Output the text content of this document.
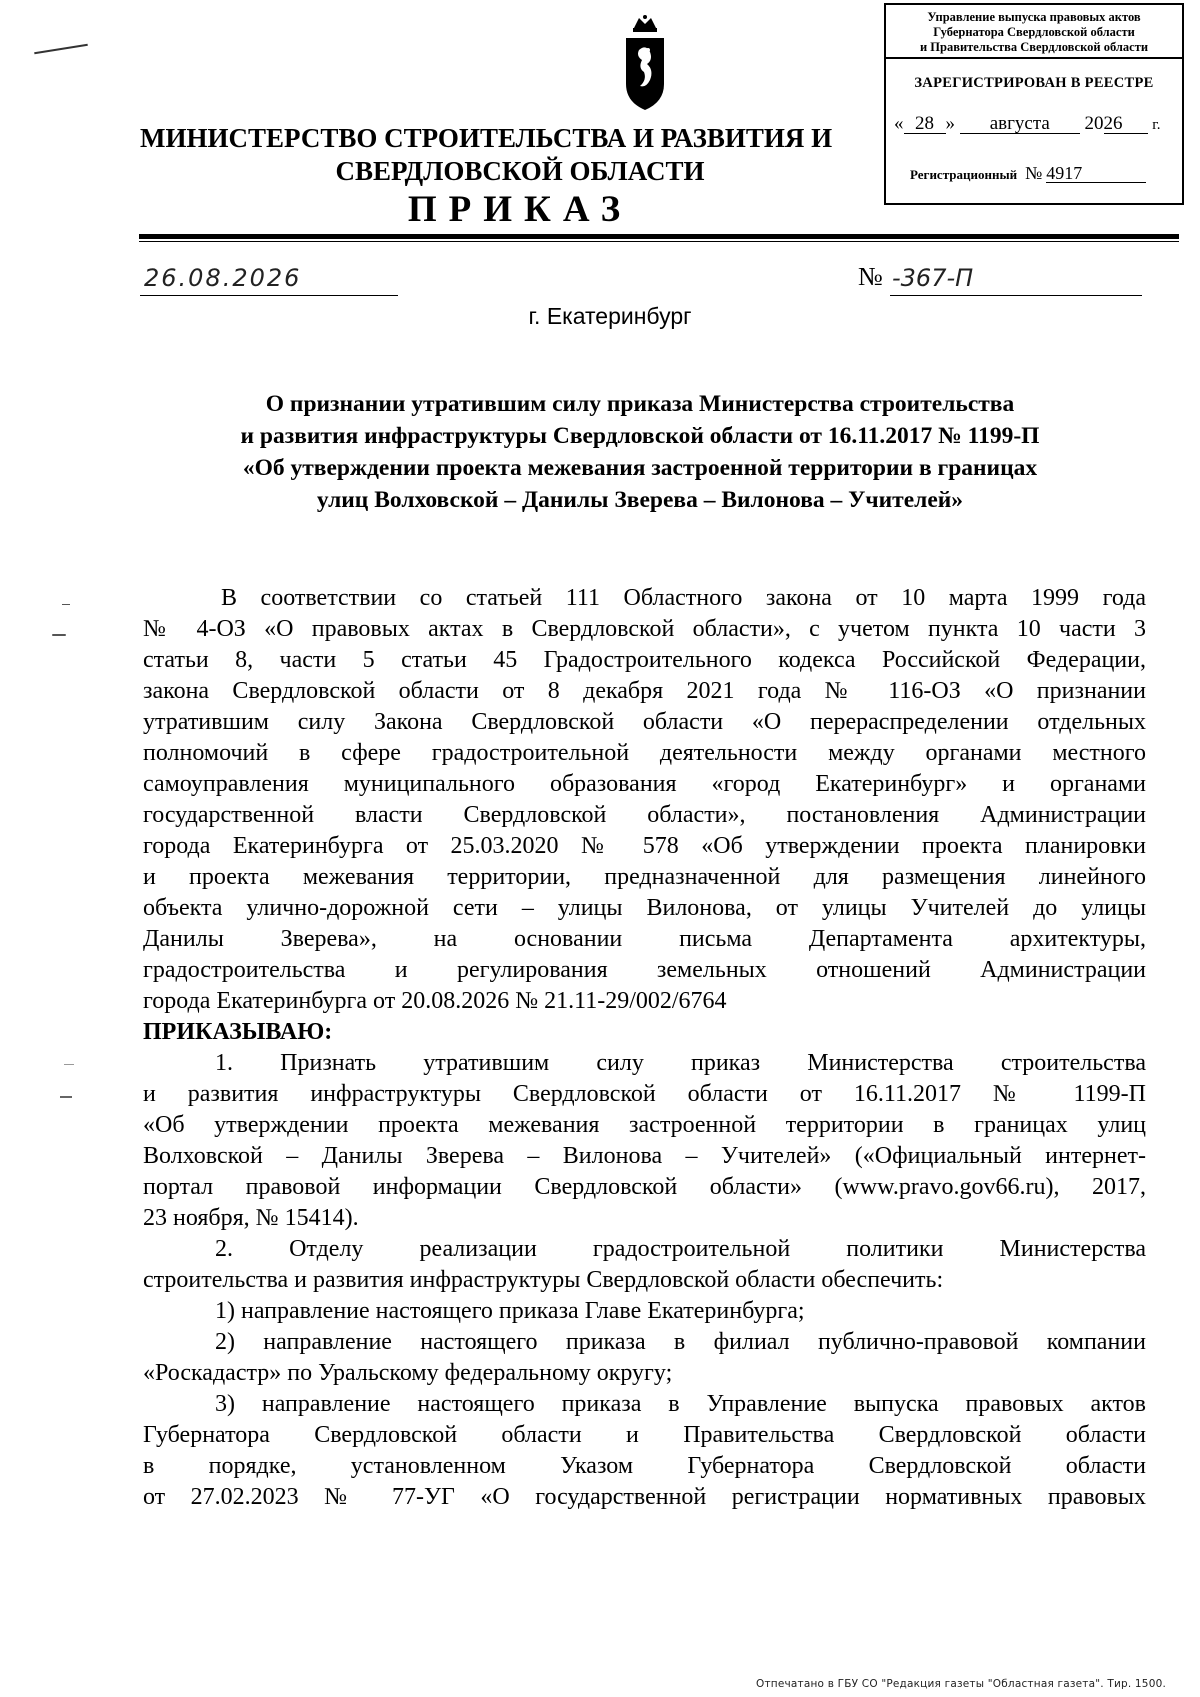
Управление выпуска правовых актов
Губернатора Свердловской области
и Правительства Свердловской области
ЗАРЕГИСТРИРОВАН В РЕЕСТРЕ
« 28 » августа 2026 г.
Регистрационный № 4917
МИНИСТЕРСТВО СТРОИТЕЛЬСТВА И РАЗВИТИЯ И
СВЕРДЛОВСКОЙ ОБЛАСТИ
ПРИКАЗ
26.08.2026	№ -367-П
г. Екатеринбург
О признании утратившим силу приказа Министерства строительства
и развития инфраструктуры Свердловской области от 16.11.2017 № 1199-П
«Об утверждении проекта межевания застроенной территории в границах
улиц Волховской – Данилы Зверева – Вилонова – Учителей»
В соответствии со статьей 111 Областного закона от 10 марта 1999 года
№ 4-ОЗ «О правовых актах в Свердловской области», с учетом пункта 10 части 3
статьи 8, части 5 статьи 45 Градостроительного кодекса Российской Федерации,
закона Свердловской области от 8 декабря 2021 года № 116-ОЗ «О признании
утратившим силу Закона Свердловской области «О перераспределении отдельных
полномочий в сфере градостроительной деятельности между органами местного
самоуправления муниципального образования «город Екатеринбург» и органами
государственной власти Свердловской области», постановления Администрации
города Екатеринбурга от 25.03.2020 № 578 «Об утверждении проекта планировки
и проекта межевания территории, предназначенной для размещения линейного
объекта улично-дорожной сети – улицы Вилонова, от улицы Учителей до улицы
Данилы Зверева», на основании письма Департамента архитектуры,
градостроительства и регулирования земельных отношений Администрации
города Екатеринбурга от 20.08.2026 № 21.11-29/002/6764
ПРИКАЗЫВАЮ:
1. Признать утратившим силу приказ Министерства строительства
и развития инфраструктуры Свердловской области от 16.11.2017 № 1199-П
«Об утверждении проекта межевания застроенной территории в границах улиц
Волховской – Данилы Зверева – Вилонова – Учителей» («Официальный интернет-
портал правовой информации Свердловской области» (www.pravo.gov66.ru), 2017,
23 ноября, № 15414).
2. Отделу реализации градостроительной политики Министерства
строительства и развития инфраструктуры Свердловской области обеспечить:
1) направление настоящего приказа Главе Екатеринбурга;
2) направление настоящего приказа в филиал публично-правовой компании
«Роскадастр» по Уральскому федеральному округу;
3) направление настоящего приказа в Управление выпуска правовых актов
Губернатора Свердловской области и Правительства Свердловской области
в порядке, установленном Указом Губернатора Свердловской области
от 27.02.2023 № 77-УГ «О государственной регистрации нормативных правовых
Отпечатано в ГБУ СО "Редакция газеты "Областная газета". Тир. 1500.
